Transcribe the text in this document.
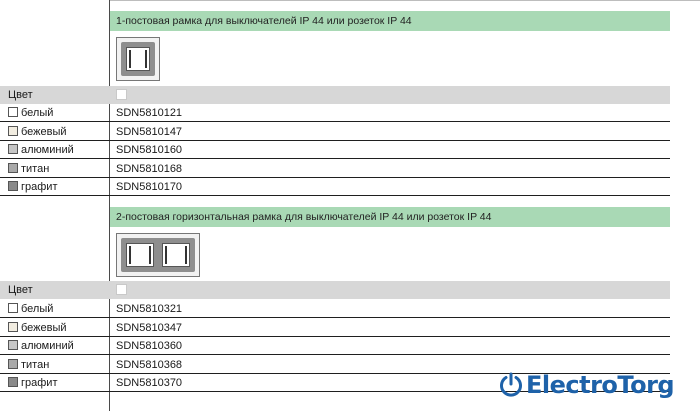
1-постовая рамка для выключателей IP 44 или розеток IP 44
Цвет
белый	SDN5810121
бежевый	SDN5810147
алюминий	SDN5810160
титан	SDN5810168
графит	SDN5810170
2-постовая горизонтальная рамка для выключателей IP 44 или розеток IP 44
Цвет
белый	SDN5810321
бежевый	SDN5810347
алюминий	SDN5810360
титан	SDN5810368
графит	SDN5810370	ElectroTorg
